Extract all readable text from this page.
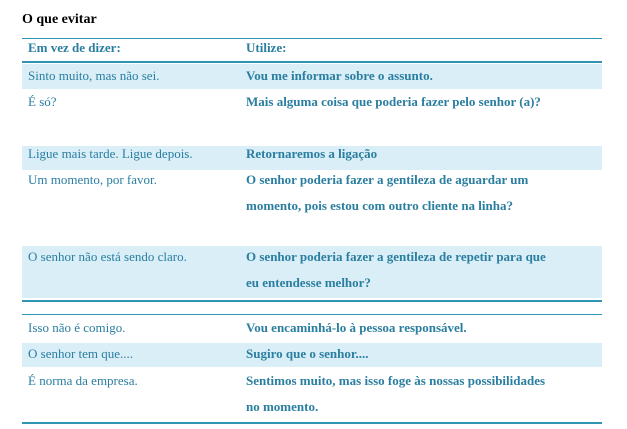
O que evitar
Em vez de dizer:	Utilize:
Sinto muito, mas não sei.	Vou me informar sobre o assunto.
É só?	Mais alguma coisa que poderia fazer pelo senhor (a)?
Ligue mais tarde. Ligue depois.	Retornaremos a ligação
Um momento, por favor.	O senhor poderia fazer a gentileza de aguardar um
momento, pois estou com outro cliente na linha?
O senhor não está sendo claro.	O senhor poderia fazer a gentileza de repetir para que
eu entendesse melhor?
Isso não é comigo.	Vou encaminhá-lo à pessoa responsável.
O senhor tem que....	Sugiro que o senhor....
É norma da empresa.	Sentimos muito, mas isso foge às nossas possibilidades
no momento.
